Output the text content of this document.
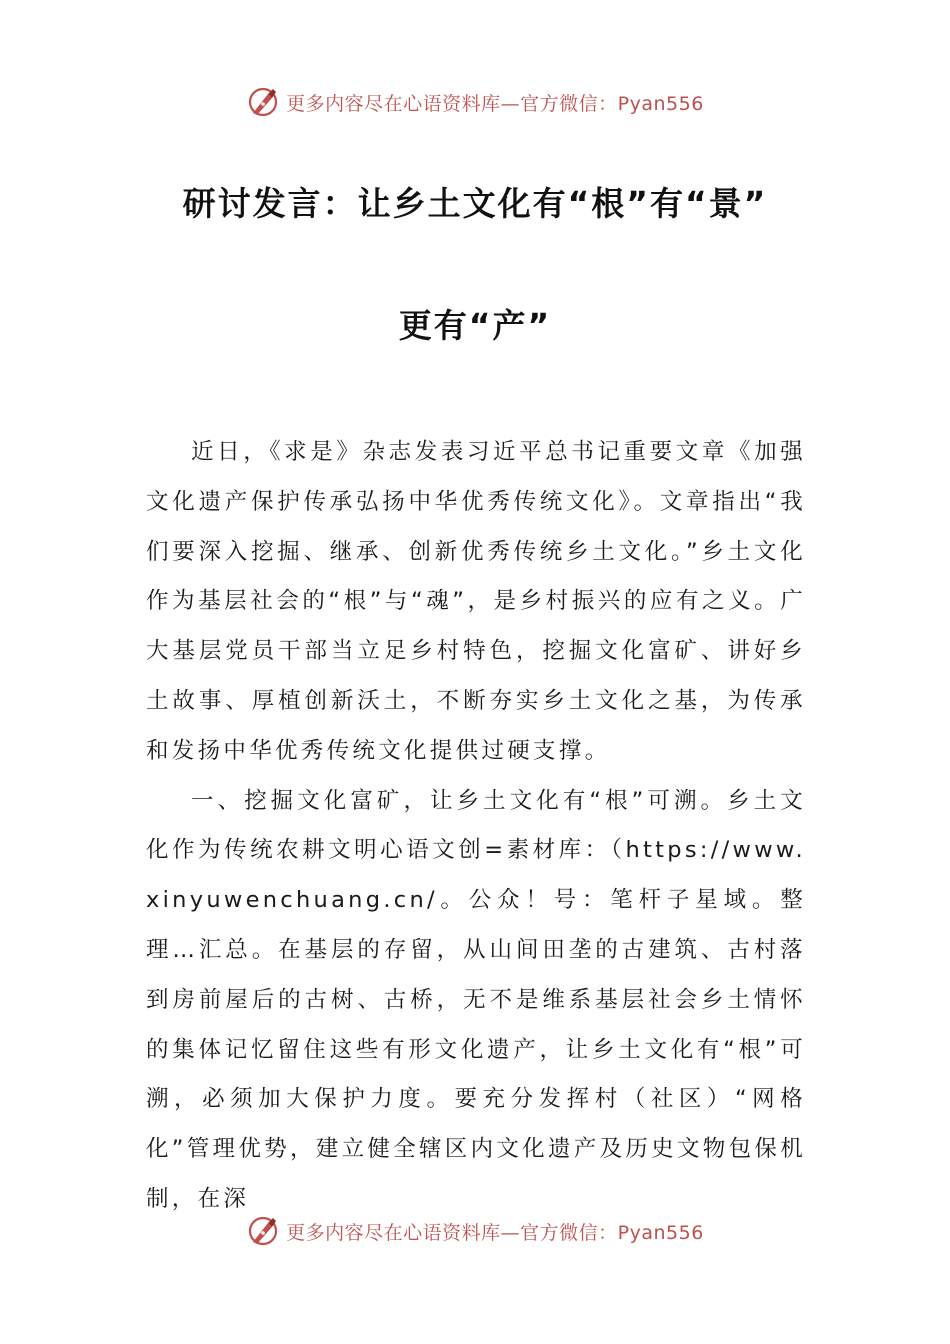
更多内容尽在心语资料库—官方微信：Pyan556
研讨发言：让乡土文化有“根”有“景”
更有“产”

近日，《求是》杂志发表习近平总书记重要文章《加强文化遗产保护传承弘扬中华优秀传统文化》。文章指出“我们要深入挖掘、继承、创新优秀传统乡土文化。”乡土文化作为基层社会的“根”与“魂”，是乡村振兴的应有之义。广大基层党员干部当立足乡村特色，挖掘文化富矿、讲好乡土故事、厚植创新沃土，不断夯实乡土文化之基，为传承和发扬中华优秀传统文化提供过硬支撑。

一、挖掘文化富矿，让乡土文化有“根”可溯。乡土文化作为传统农耕文明心语文创=素材库：（https://www.xinyuwenchuang.cn/。公众！号：笔杆子星域。整理…汇总。在基层的存留，从山间田垄的古建筑、古村落到房前屋后的古树、古桥，无不是维系基层社会乡土情怀的集体记忆留住这些有形文化遗产，让乡土文化有“根”可溯，必须加大保护力度。要充分发挥村（社区）“网格化”管理优势，建立健全辖区内文化遗产及历史文物包保机制，在深

更多内容尽在心语资料库—官方微信：Pyan556
